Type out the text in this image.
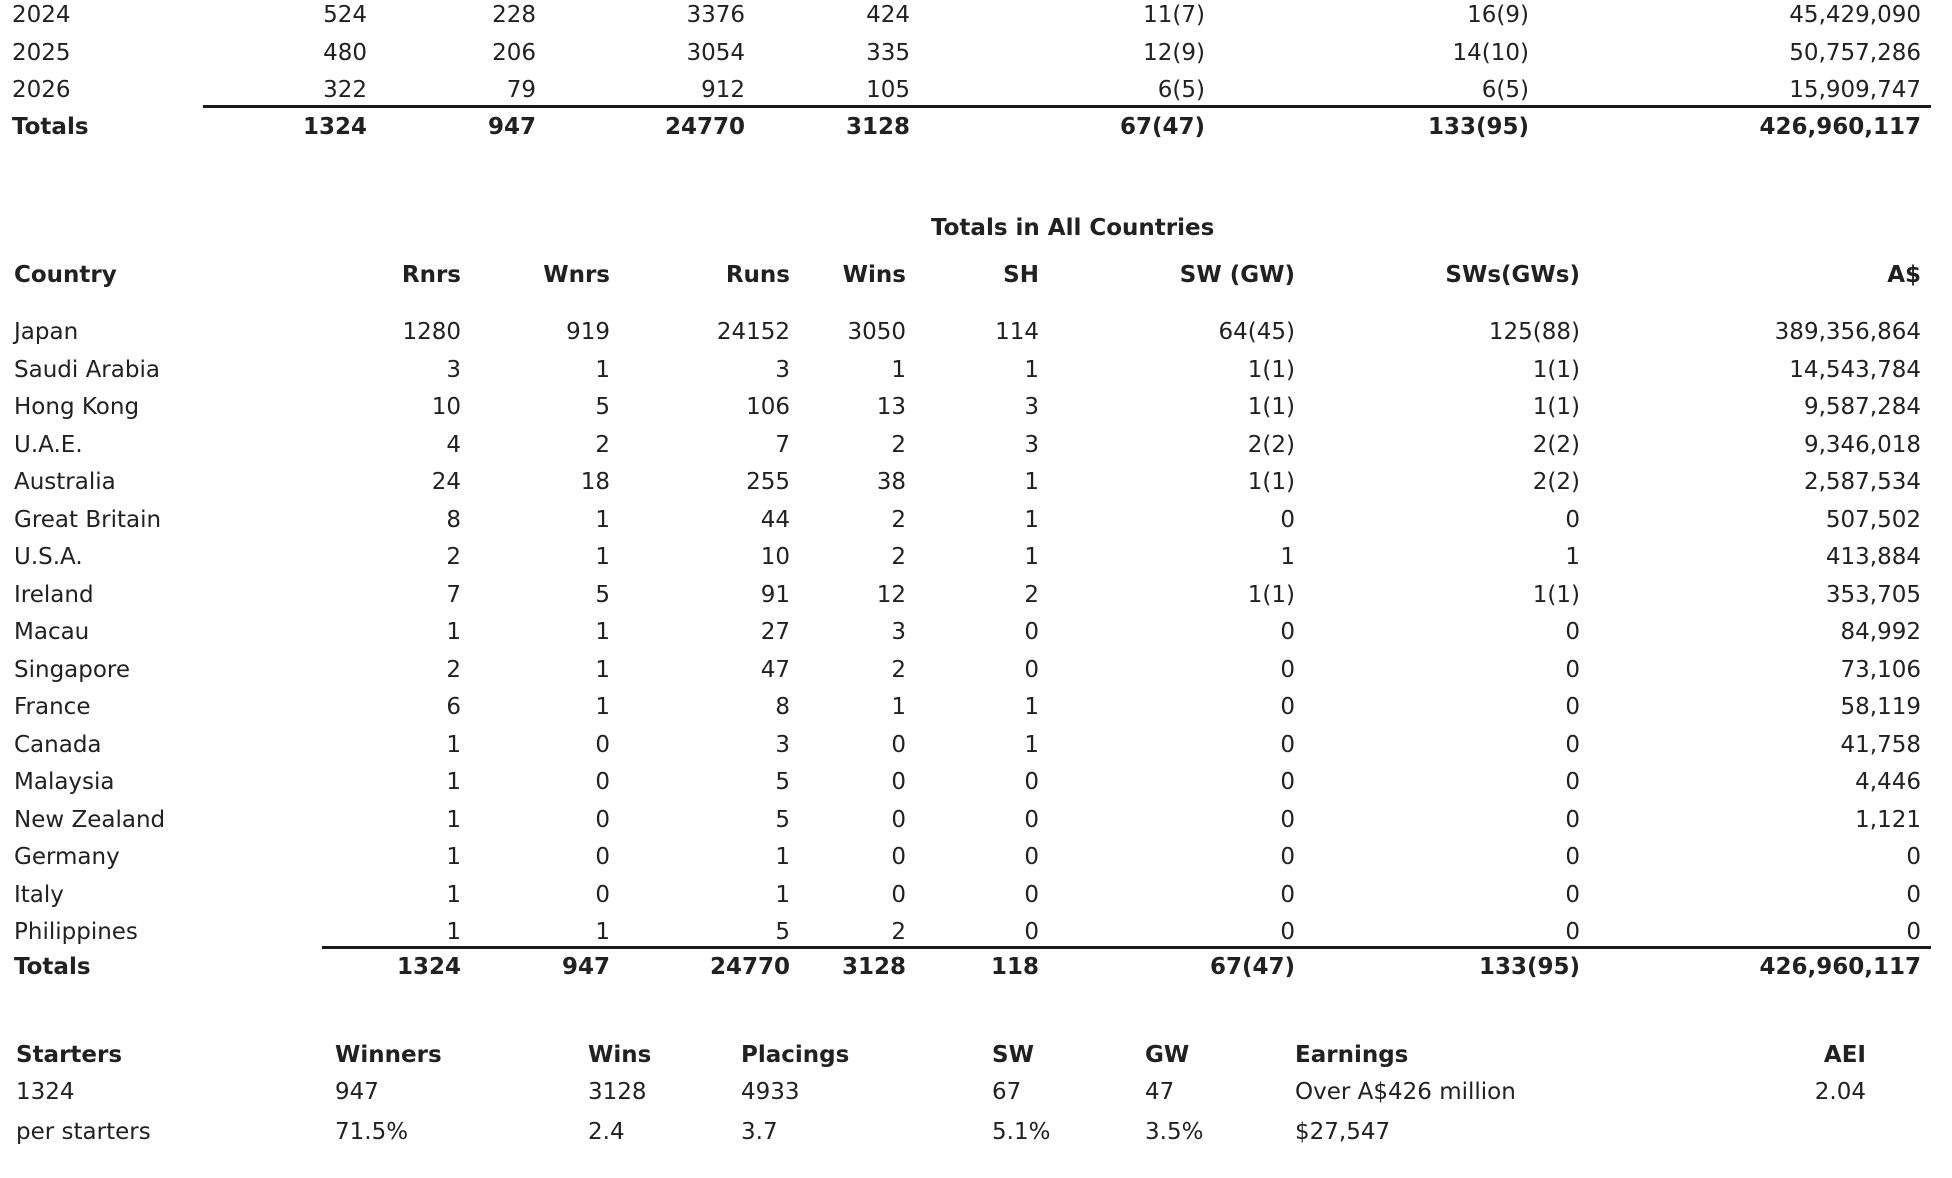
2024	524	228	3376	424	11(7)	16(9)	45,429,090
2025	480	206	3054	335	12(9)	14(10)	50,757,286
2026	322	79	912	105	6(5)	6(5)	15,909,747
Totals	1324	947	24770	3128	67(47)	133(95)	426,960,117
Totals in All Countries
Country	Rnrs	Wnrs	Runs Wins	SH	SW (GW)	SWs(GWs)	A$
Japan	1280	919	24152 3050	114	64(45)	125(88)	389,356,864
Saudi Arabia	3	1	3	1	1	1(1)	1(1)	14,543,784
Hong Kong	10	5	106	13	3	1(1)	1(1)	9,587,284
U.A.E.	4	2	7	2	3	2(2)	2(2)	9,346,018
Australia	24	18	255	38	1	1(1)	2(2)	2,587,534
Great Britain	8	1	44	2	1	0	0	507,502
U.S.A.	2	1	10	2	1	1	1	413,884
Ireland	7	5	91	12	2	1(1)	1(1)	353,705
Macau	1	1	27	3	0	0	0	84,992
Singapore	2	1	47	2	0	0	0	73,106
France	6	1	8	1	1	0	0	58,119
Canada	1	0	3	0	1	0	0	41,758
Malaysia	1	0	5	0	0	0	0	4,446
New Zealand	1	0	5	0	0	0	0	1,121
Germany	1	0	1	0	0	0	0	0
Italy	1	0	1	0	0	0	0	0
Philippines	1	1	5	2	0	0	0	0
Totals	1324	947	24770 3128	118	67(47)	133(95)	426,960,117
Starters	Winners	Wins	Placings	SW	GW	Earnings	AEI
1324	947	3128	4933	67	47	Over A$426 million	2.04
per starters	71.5%	2.4	3.7	5.1%	3.5%	$27,547
